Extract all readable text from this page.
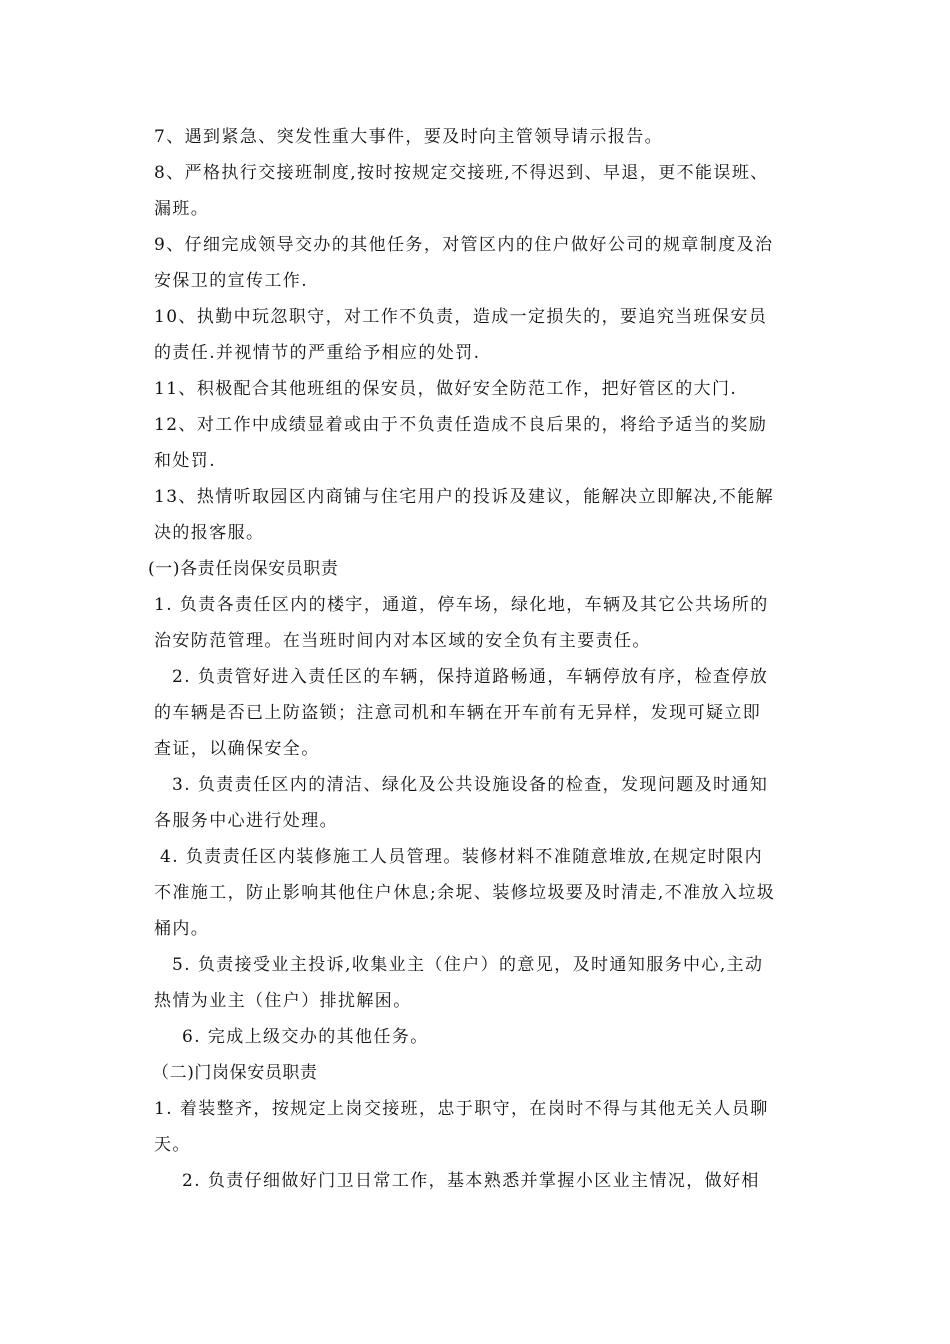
7、遇到紧急、突发性重大事件，要及时向主管领导请示报告。
8、严格执行交接班制度,按时按规定交接班,不得迟到、早退，更不能误班、
漏班。
9、仔细完成领导交办的其他任务，对管区内的住户做好公司的规章制度及治
安保卫的宣传工作.
10、执勤中玩忽职守，对工作不负责，造成一定损失的，要追究当班保安员
的责任.并视情节的严重给予相应的处罚.
11、积极配合其他班组的保安员，做好安全防范工作，把好管区的大门.
12、对工作中成绩显着或由于不负责任造成不良后果的，将给予适当的奖励
和处罚.
13、热情听取园区内商铺与住宅用户的投诉及建议，能解决立即解决,不能解
决的报客服。
(一)各责任岗保安员职责
1. 负责各责任区内的楼宇，通道，停车场，绿化地，车辆及其它公共场所的
治安防范管理。在当班时间内对本区域的安全负有主要责任。
2. 负责管好进入责任区的车辆，保持道路畅通，车辆停放有序，检查停放
的车辆是否已上防盗锁；注意司机和车辆在开车前有无异样，发现可疑立即
查证，以确保安全。
3. 负责责任区内的清洁、绿化及公共设施设备的检查，发现问题及时通知
各服务中心进行处理。
4. 负责责任区内装修施工人员管理。装修材料不准随意堆放,在规定时限内
不准施工，防止影响其他住户休息;余坭、装修垃圾要及时清走,不准放入垃圾
桶内。
5. 负责接受业主投诉,收集业主（住户）的意见，及时通知服务中心,主动
热情为业主（住户）排扰解困。
6. 完成上级交办的其他任务。
（二)门岗保安员职责
1. 着装整齐，按规定上岗交接班，忠于职守，在岗时不得与其他无关人员聊
天。
2. 负责仔细做好门卫日常工作，基本熟悉并掌握小区业主情况，做好相
